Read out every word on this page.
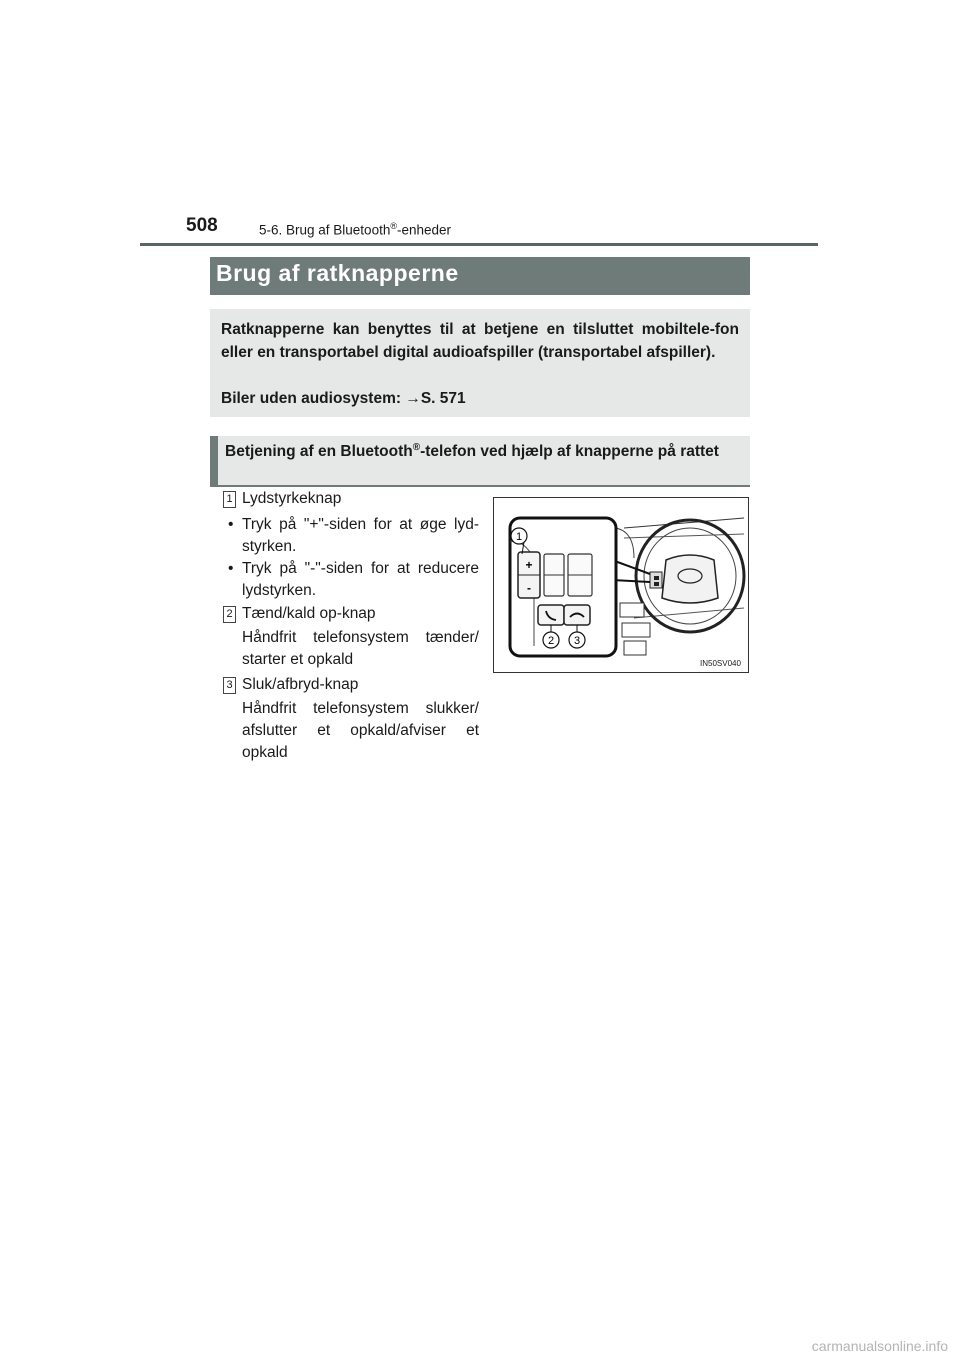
508	5-6. Brug af Bluetooth®-enheder
Brug af ratknapperne

Ratknapperne kan benyttes til at betjene en tilsluttet mobiltele-fon eller en transportabel digital audioafspiller (transportabel afspiller).

Biler uden audiosystem: →S. 571

Betjening af en Bluetooth®-telefon ved hjælp af knapperne på rattet

1 Lydstyrkeknap
• Tryk på "+"-siden for at øge lyd-styrken.

• Tryk på "-"-siden for at reducere lydstyrken.

2 Tænd/kald op-knap

Håndfrit telefonsystem tænder/ starter et opkald

3 Sluk/afbryd-knap

Håndfrit telefonsystem slukker/ afslutter et opkald/afviser et opkald

+
-
1
2 3
IN50SV040
carmanualsonline.info
